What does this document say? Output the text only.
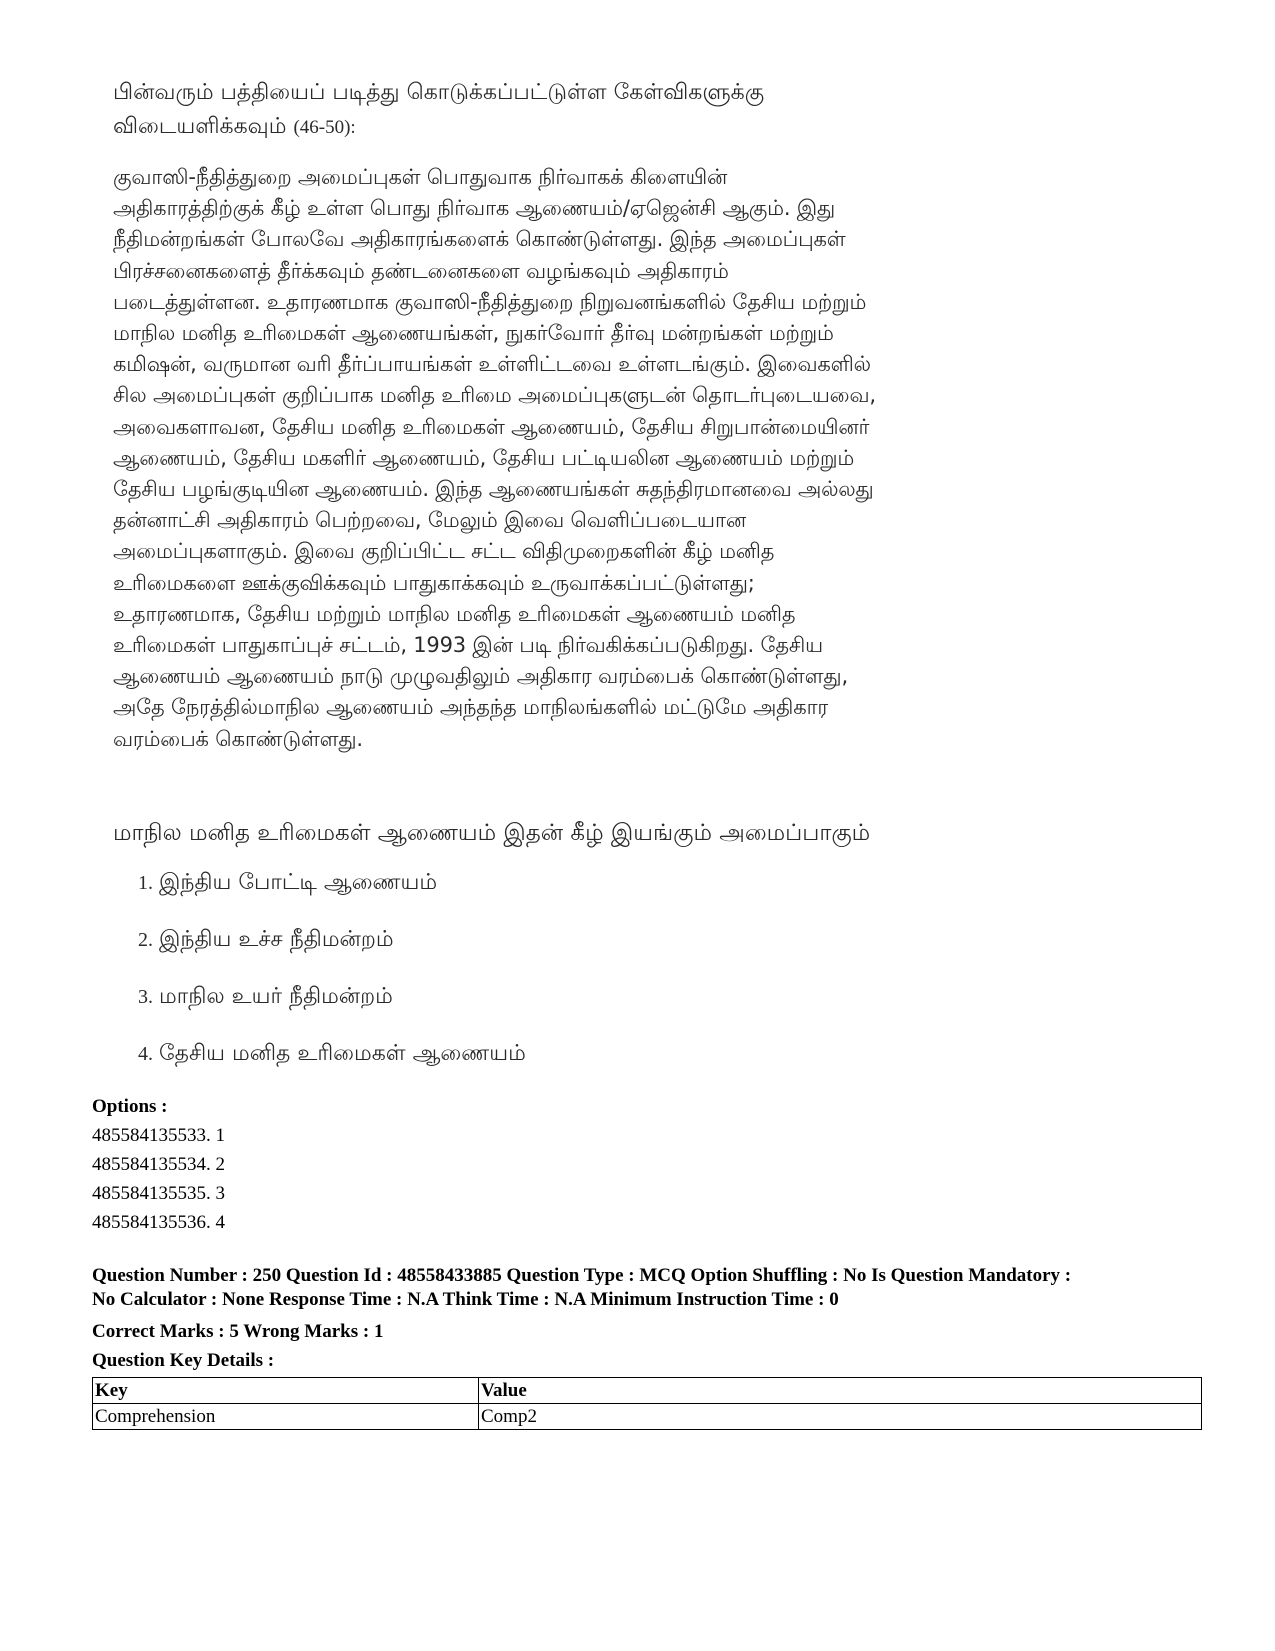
பின்வரும் பத்தியைப் படித்து கொடுக்கப்பட்டுள்ள கேள்விகளுக்கு
விடையளிக்கவும் (46-50):

குவாஸி-நீதித்துறை அமைப்புகள் பொதுவாக நிர்வாகக் கிளையின்
அதிகாரத்திற்குக் கீழ் உள்ள பொது நிர்வாக ஆணையம்/ஏஜென்சி ஆகும். இது
நீதிமன்றங்கள் போலவே அதிகாரங்களைக் கொண்டுள்ளது. இந்த அமைப்புகள்
பிரச்சனைகளைத் தீர்க்கவும் தண்டனைகளை வழங்கவும் அதிகாரம்
படைத்துள்ளன. உதாரணமாக குவாஸி-நீதித்துறை நிறுவனங்களில் தேசிய மற்றும்
மாநில மனித உரிமைகள் ஆணையங்கள், நுகர்வோர் தீர்வு மன்றங்கள் மற்றும்
கமிஷன், வருமான வரி தீர்ப்பாயங்கள் உள்ளிட்டவை உள்ளடங்கும். இவைகளில்
சில அமைப்புகள் குறிப்பாக மனித உரிமை அமைப்புகளுடன் தொடர்புடையவை,
அவைகளாவன, தேசிய மனித உரிமைகள் ஆணையம், தேசிய சிறுபான்மையினர்
ஆணையம், தேசிய மகளிர் ஆணையம், தேசிய பட்டியலின ஆணையம் மற்றும்
தேசிய பழங்குடியின ஆணையம். இந்த ஆணையங்கள் சுதந்திரமானவை அல்லது
தன்னாட்சி அதிகாரம் பெற்றவை, மேலும் இவை வெளிப்படையான
அமைப்புகளாகும். இவை குறிப்பிட்ட சட்ட விதிமுறைகளின் கீழ் மனித
உரிமைகளை ஊக்குவிக்கவும் பாதுகாக்கவும் உருவாக்கப்பட்டுள்ளது;
உதாரணமாக, தேசிய மற்றும் மாநில மனித உரிமைகள் ஆணையம் மனித
உரிமைகள் பாதுகாப்புச் சட்டம், 1993 இன் படி நிர்வகிக்கப்படுகிறது. தேசிய
ஆணையம் ஆணையம் நாடு முழுவதிலும் அதிகார வரம்பைக் கொண்டுள்ளது,
அதே நேரத்தில்மாநில ஆணையம் அந்தந்த மாநிலங்களில் மட்டுமே அதிகார
வரம்பைக் கொண்டுள்ளது.

மாநில மனித உரிமைகள் ஆணையம் இதன் கீழ் இயங்கும் அமைப்பாகும்

1. இந்திய போட்டி ஆணையம்
2. இந்திய உச்ச நீதிமன்றம்
3. மாநில உயர் நீதிமன்றம்
4. தேசிய மனித உரிமைகள் ஆணையம்
Options :
485584135533. 1
485584135534. 2
485584135535. 3
485584135536. 4
Question Number : 250 Question Id : 48558433885 Question Type : MCQ Option Shuffling : No Is Question Mandatory :
No Calculator : None Response Time : N.A Think Time : N.A Minimum Instruction Time : 0
Correct Marks : 5 Wrong Marks : 1
Question Key Details :
Key	Value
Comprehension	Comp2
